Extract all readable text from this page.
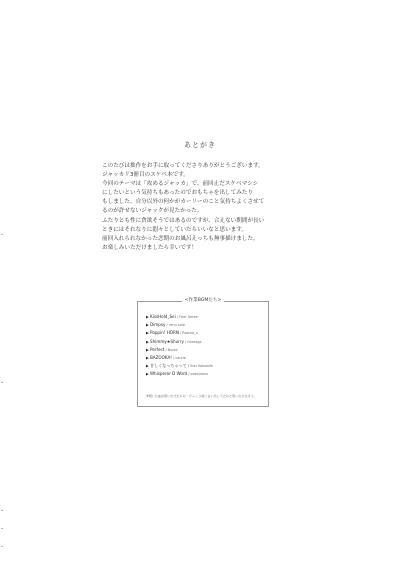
あとがき
このたびは拙作をお手に取ってくださりありがとうございます。
ジャッカリ3冊目のスケベ本です。
今回のテーマは「攻めるジャッカ」で、前回止だスケベマシシ
にしたいという気持ちもあったのでおもちゃを出してみたり
もしました。自分以外の何かがカーリーのこと気持ちよくさせて
るのが許せないジャックが見たかった。
ふたりとも性に貪欲そうではあるのですが、合えない期間が長い
ときにはそれなりに悶々としていたらいいなと思います。
前回入れられなかった恋期のお風呂えっちも無事描けました。
お楽しみいただけましたら幸いです！
<作業BGMたち>
▶KissHold_Sei / Fear Seree
▶Dimpsy / renu sale
▶Poppin! HORN / Rosma_s
▶Shimmy★Shurry / Greesgs
▶Perfect / Nsuie
▶BAZOOKA! / carcle
▶甘しくなっちゃって / Sier Kokaalle
▶Whisperer D Word / pees/sesu
※聞いた曲が思い出せたもの・けっこう前に言い出してたのと思い出せなそう。
